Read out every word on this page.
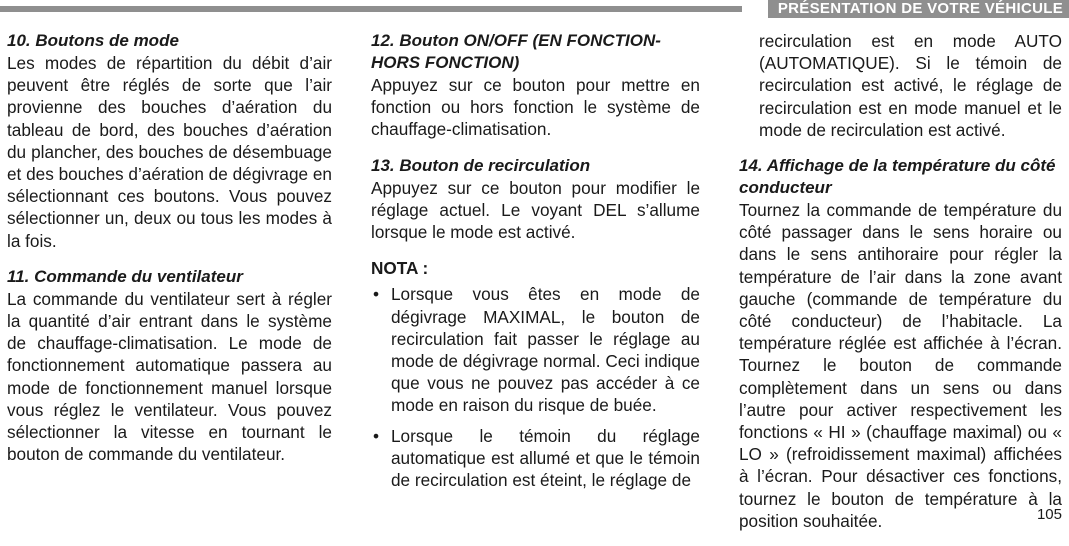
PRÉSENTATION DE VOTRE VÉHICULE
10. Boutons de mode

Les modes de répartition du débit d’air peuvent être réglés de sorte que l’air provienne des bouches d’aération du tableau de bord, des bouches d’aération du plancher, des bouches de désembuage et des bouches d’aération de dégivrage en sélectionnant ces boutons. Vous pouvez sélectionner un, deux ou tous les modes à la fois.

11. Commande du ventilateur

La commande du ventilateur sert à régler la quantité d’air entrant dans le système de chauffage-climatisation. Le mode de fonctionnement automatique passera au mode de fonctionnement manuel lorsque vous réglez le ventilateur. Vous pouvez sélectionner la vitesse en tournant le bouton de commande du ventilateur.

12. Bouton ON/OFF (EN FONCTION-HORS FONCTION)

Appuyez sur ce bouton pour mettre en fonction ou hors fonction le système de chauffage-climatisation.

13. Bouton de recirculation

Appuyez sur ce bouton pour modifier le réglage actuel. Le voyant DEL s’allume lorsque le mode est activé.

NOTA :

• Lorsque vous êtes en mode de dégivrage MAXIMAL, le bouton de recirculation fait passer le réglage au mode de dégivrage normal. Ceci indique que vous ne pouvez pas accéder à ce mode en raison du risque de buée.
• Lorsque le témoin du réglage automatique est allumé et que le témoin de recirculation est éteint, le réglage de

recirculation est en mode AUTO (AUTOMATIQUE). Si le témoin de recirculation est activé, le réglage de recirculation est en mode manuel et le mode de recirculation est activé.

14. Affichage de la température du côté conducteur

Tournez la commande de température du côté passager dans le sens horaire ou dans le sens antihoraire pour régler la température de l’air dans la zone avant gauche (commande de température du côté conducteur) de l’habitacle. La température réglée est affichée à l’écran. Tournez le bouton de commande complètement dans un sens ou dans l’autre pour activer respectivement les fonctions « HI » (chauffage maximal) ou « LO » (refroidissement maximal) affichées à l’écran. Pour désactiver ces fonctions, tournez le bouton de température à la position souhaitée.	105
